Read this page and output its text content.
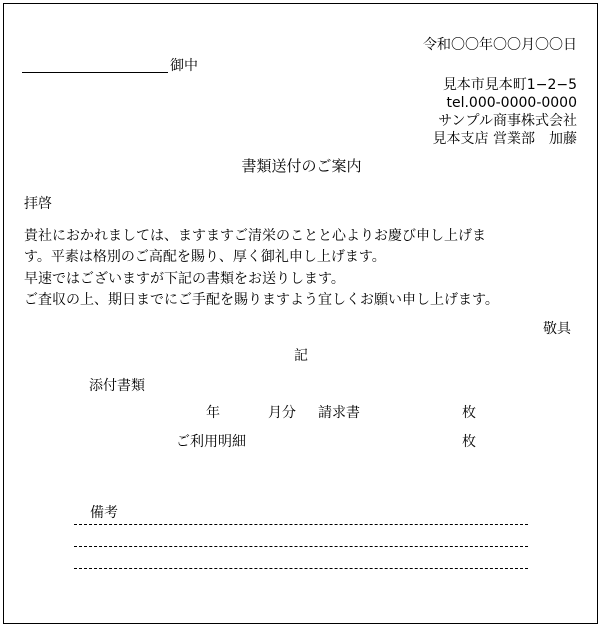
令和〇〇年〇〇月〇〇日
御中
見本市見本町1−2−5
tel.000-0000-0000
サンプル商事株式会社
見本支店 営業部　加藤
書類送付のご案内
拝啓
貴社におかれましては、ますますご清栄のことと心よりお慶び申し上げま
す。平素は格別のご高配を賜り、厚く御礼申し上げます。
早速ではございますが下記の書類をお送りします。
ご査収の上、期日までにご手配を賜りますよう宜しくお願い申し上げます。
敬具
記
添付書類
年	月分 請求書	枚
ご利用明細	枚
備考
